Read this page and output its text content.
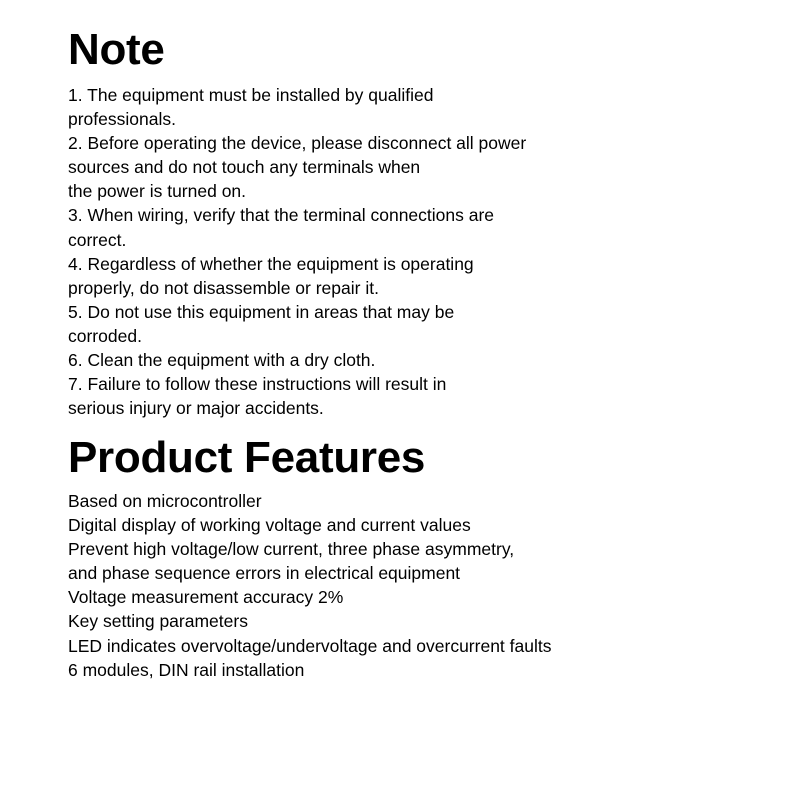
Note
1. The equipment must be installed by qualified
professionals.
2. Before operating the device, please disconnect all power
sources and do not touch any terminals when
the power is turned on.
3. When wiring, verify that the terminal connections are
correct.
4. Regardless of whether the equipment is operating
properly, do not disassemble or repair it.
5. Do not use this equipment in areas that may be
corroded.
6. Clean the equipment with a dry cloth.
7. Failure to follow these instructions will result in
serious injury or major accidents.
Product Features
Based on microcontroller
Digital display of working voltage and current values
Prevent high voltage/low current, three phase asymmetry,
and phase sequence errors in electrical equipment
Voltage measurement accuracy 2%
Key setting parameters
LED indicates overvoltage/undervoltage and overcurrent faults
6 modules, DIN rail installation
